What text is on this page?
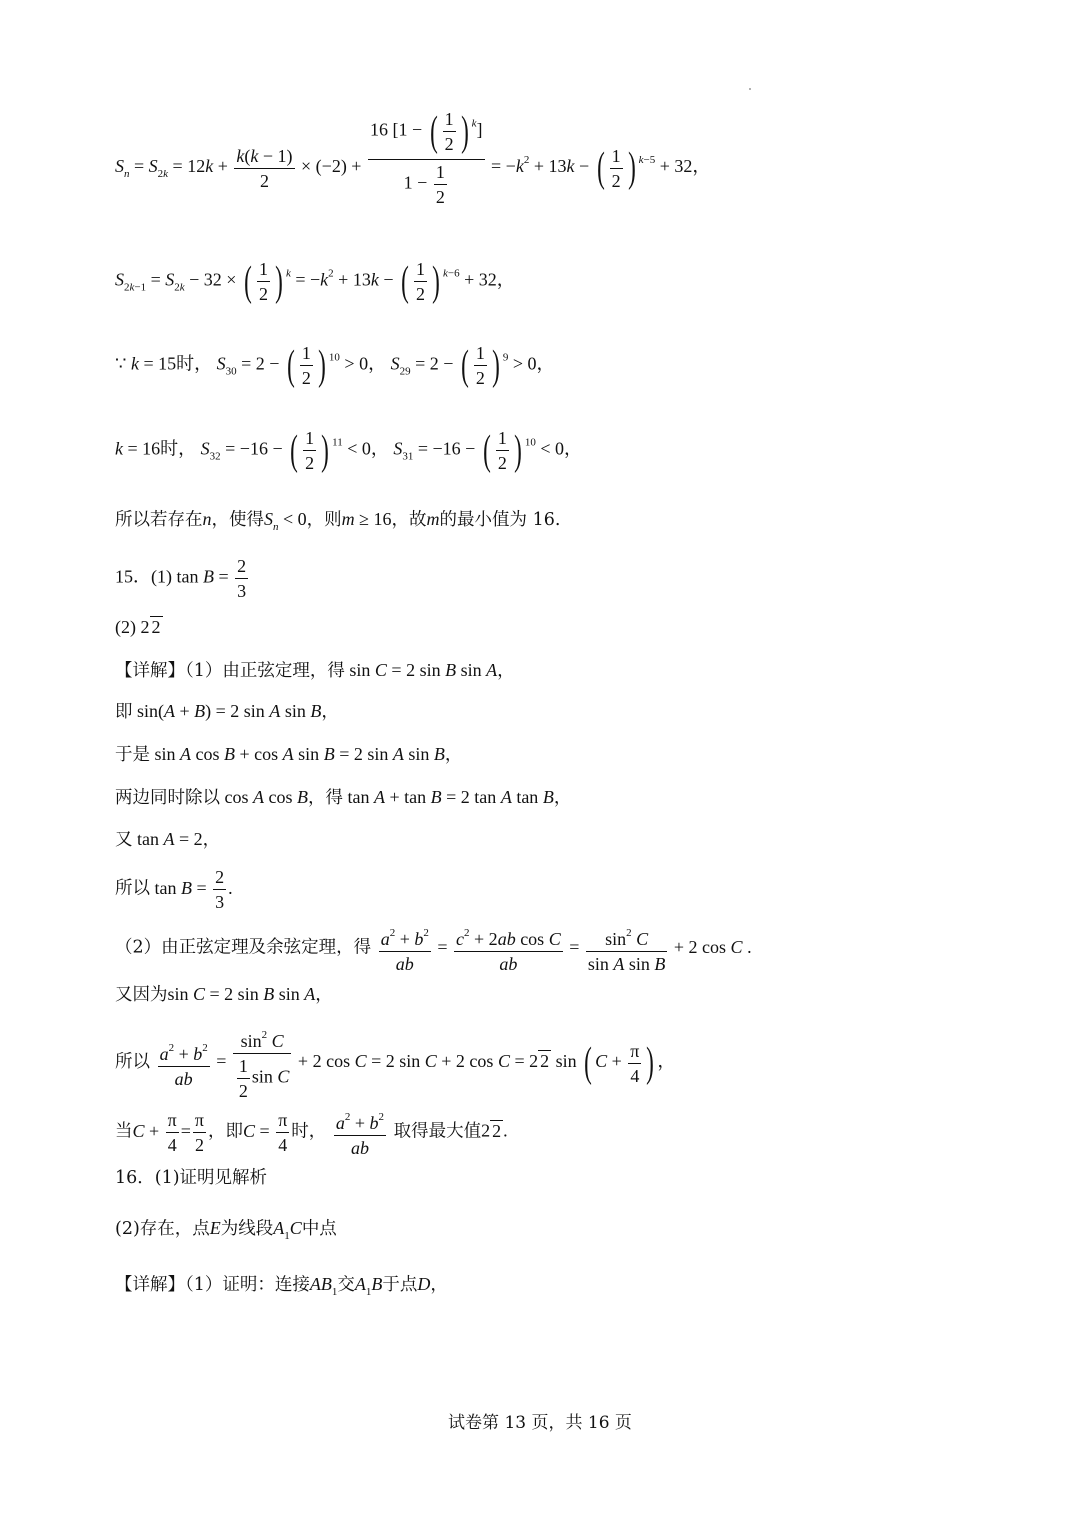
$S_n = S_{2k} = 12k + \frac{k(k - 1)}{2} \times (-2) + \frac{16 [1 - ( \frac{1}{2} ) ^k]}{1 - \frac{1}{2}} = -k^2 + 13k$ − ( $\frac{1}{2}$ ) $^{k-5}$ + 32，
$S_{2k-1} = S_{2k} - 32$ × ( $\frac{1}{2}$ ) $^k = -k^2 + 13k$ − ( $\frac{1}{2}$ ) $^{k-6}$ + 32，
∵ k = 15时， $S_{30} = 2$ − ( $\frac{1}{2}$ ) $^{10}$ > 0， $S_{29} = 2$ − ( $\frac{1}{2}$ ) $^9$ > 0，
k = 16时， $S_{32} = -16$ − ( $\frac{1}{2}$ ) $^{11}$ < 0， $S_{31} = -16$ − ( $\frac{1}{2}$ ) $^{10}$ < 0，
所以若存在n，使得$S_n < 0$，则m ≥ 16，故m的最小值为 16.
15．(1) $\tan B = \frac{2}{3}$
(2) 2 2
【详解】（1）由正弦定理，得 sin C = 2 sin B sin A，
即 sin(A + B) = 2 sin A sin B，
于是 sin A cos B + cos A sin B = 2 sin A sin B，
两边同时除以 cos A cos B，得 tan A + tan B = 2 tan A tan B，
又 tan A = 2，
所以 $\tan B = \frac{2}{3}$ .
（2）由正弦定理及余弦定理，得 $\frac{a^2 + b^2}{ab} = \frac{c^2 + 2ab \cos C}{ab} = \frac{\sin^2 C}{\text{sin A sin B}} + 2$ cos C .
又因为sin C = 2 sin B sin A，
所以 $\frac{a^2 + b^2}{ab} = \frac{\sin^2 C}{\frac{1}{2} \sin C} + 2$ cos C = 2 sin C + 2 cos C = 2 2 sin ( $C + \frac{\pi}{4}$ ) ，
当$C + \frac{\pi}{4} = \frac{\pi}{2}$ ，即$C = \frac{\pi}{4}$ 时， $\frac{a^2 + b^2}{ab}$ 取得最大值2 2 .
16．(1)证明见解析
(2)存在，点E为线段$A_1C$中点
【详解】（1）证明：连接$AB_1$交$A_1B$于点D，
试卷第 13 页，共 16 页
